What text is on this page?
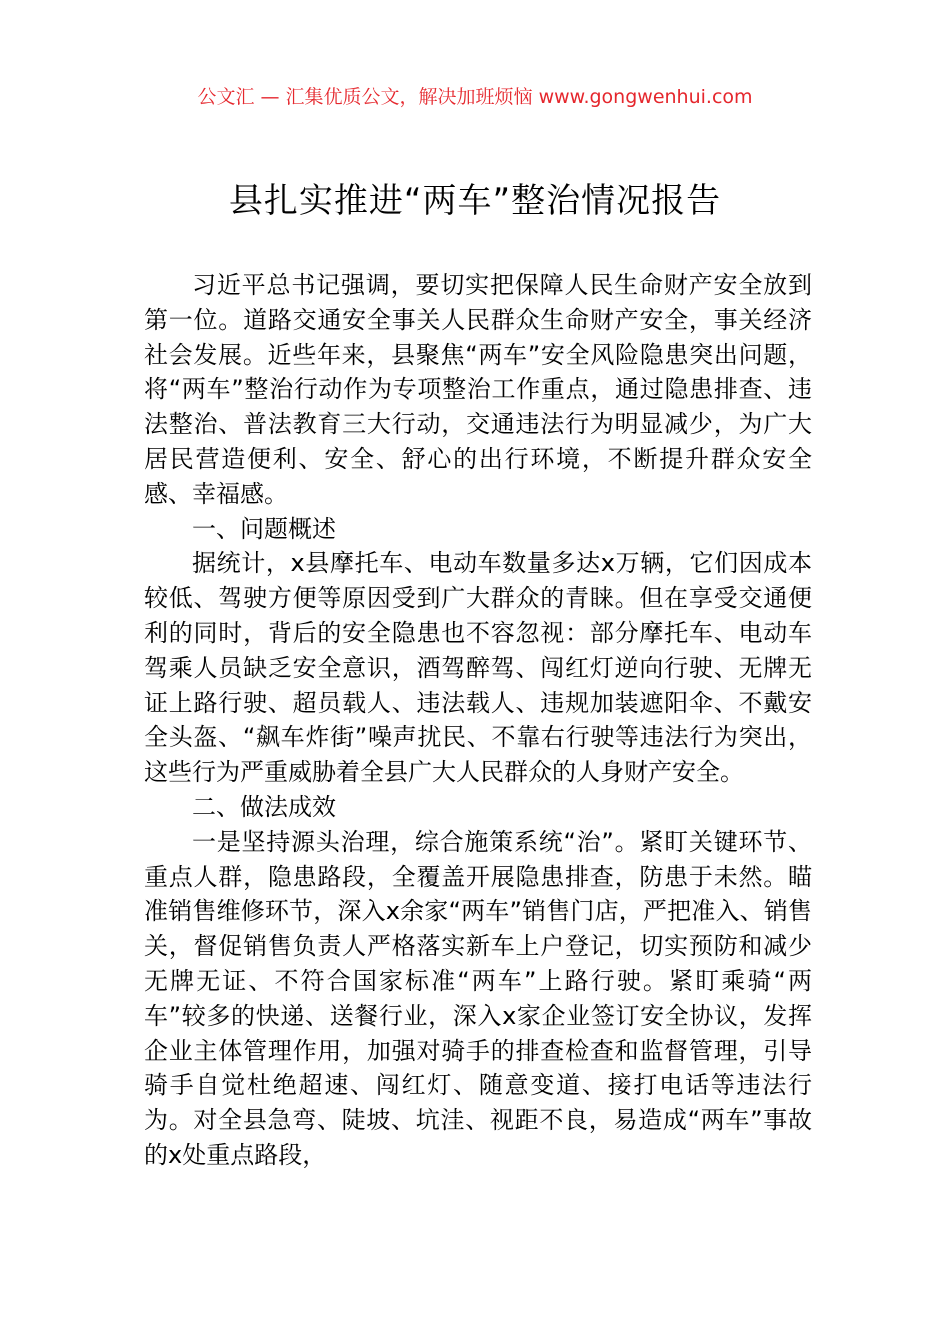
公文汇 — 汇集优质公文，解决加班烦恼 www.gongwenhui.com
县扎实推进“两车”整治情况报告

习近平总书记强调，要切实把保障人民生命财产安全放到第一位。道路交通安全事关人民群众生命财产安全，事关经济社会发展。近些年来，县聚焦“两车”安全风险隐患突出问题，将“两车”整治行动作为专项整治工作重点，通过隐患排查、违法整治、普法教育三大行动，交通违法行为明显减少，为广大居民营造便利、安全、舒心的出行环境，不断提升群众安全感、幸福感。

一、问题概述

据统计，x县摩托车、电动车数量多达x万辆，它们因成本较低、驾驶方便等原因受到广大群众的青睐。但在享受交通便利的同时，背后的安全隐患也不容忽视：部分摩托车、电动车驾乘人员缺乏安全意识，酒驾醉驾、闯红灯逆向行驶、无牌无证上路行驶、超员载人、违法载人、违规加装遮阳伞、不戴安全头盔、“飙车炸街”噪声扰民、不靠右行驶等违法行为突出，这些行为严重威胁着全县广大人民群众的人身财产安全。

二、做法成效

一是坚持源头治理，综合施策系统“治”。紧盯关键环节、重点人群，隐患路段，全覆盖开展隐患排查，防患于未然。瞄准销售维修环节，深入x余家“两车”销售门店，严把准入、销售关，督促销售负责人严格落实新车上户登记，切实预防和减少无牌无证、不符合国家标准“两车”上路行驶。紧盯乘骑“两车”较多的快递、送餐行业，深入x家企业签订安全协议，发挥企业主体管理作用，加强对骑手的排查检查和监督管理，引导骑手自觉杜绝超速、闯红灯、随意变道、接打电话等违法行为。对全县急弯、陡坡、坑洼、视距不良，易造成“两车”事故的x处重点路段，
